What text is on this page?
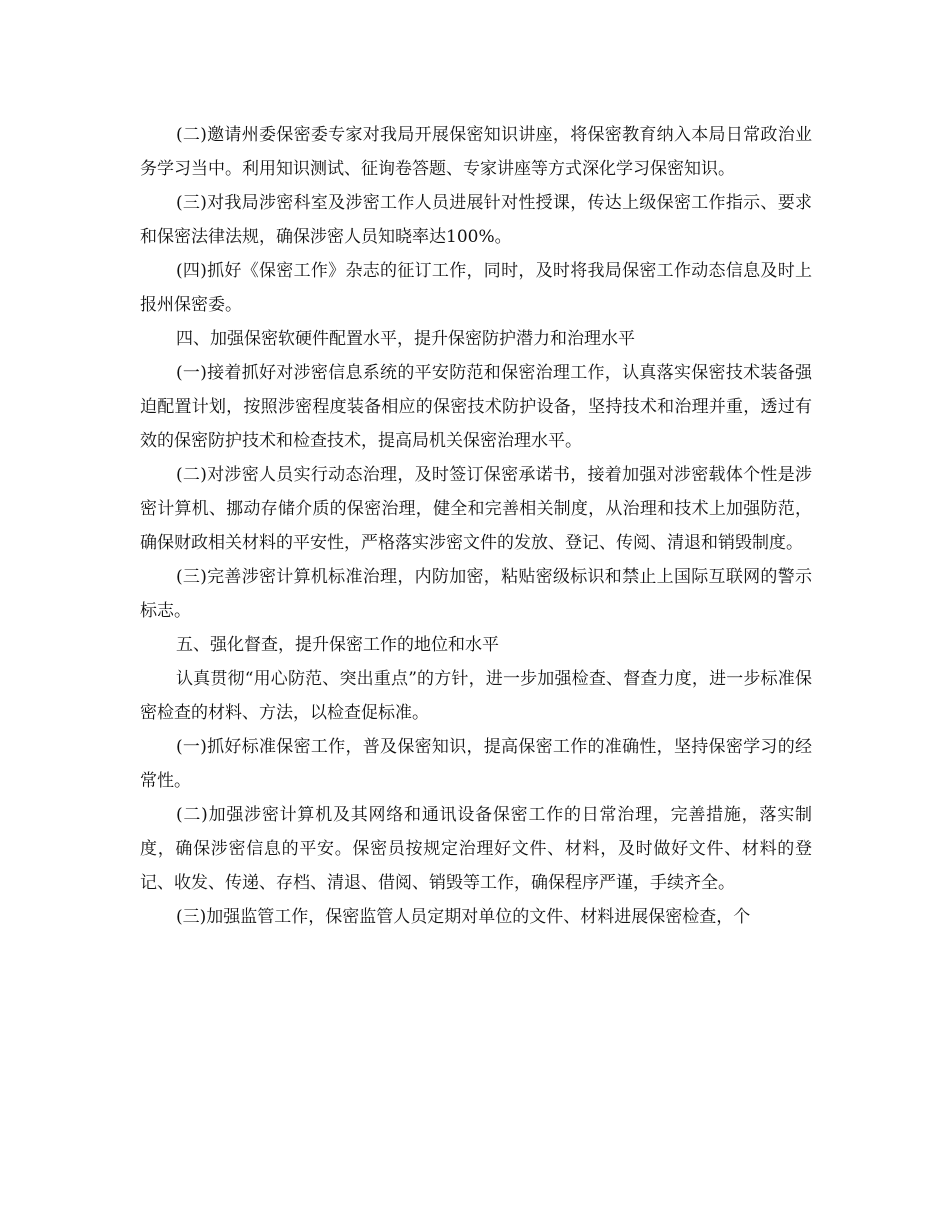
(二)邀请州委保密委专家对我局开展保密知识讲座，将保密教育纳入本局日常政治业务学习当中。利用知识测试、征询卷答题、专家讲座等方式深化学习保密知识。

(三)对我局涉密科室及涉密工作人员进展针对性授课，传达上级保密工作指示、要求和保密法律法规，确保涉密人员知晓率达100%。

(四)抓好《保密工作》杂志的征订工作，同时，及时将我局保密工作动态信息及时上报州保密委。

四、加强保密软硬件配置水平，提升保密防护潜力和治理水平

(一)接着抓好对涉密信息系统的平安防范和保密治理工作，认真落实保密技术装备强迫配置计划，按照涉密程度装备相应的保密技术防护设备，坚持技术和治理并重，透过有效的保密防护技术和检查技术，提高局机关保密治理水平。

(二)对涉密人员实行动态治理，及时签订保密承诺书，接着加强对涉密载体个性是涉密计算机、挪动存储介质的保密治理，健全和完善相关制度，从治理和技术上加强防范，确保财政相关材料的平安性，严格落实涉密文件的发放、登记、传阅、清退和销毁制度。

(三)完善涉密计算机标准治理，内防加密，粘贴密级标识和禁止上国际互联网的警示标志。

五、强化督查，提升保密工作的地位和水平

认真贯彻“用心防范、突出重点”的方针，进一步加强检查、督查力度，进一步标准保密检查的材料、方法，以检查促标准。

(一)抓好标准保密工作，普及保密知识，提高保密工作的准确性，坚持保密学习的经常性。

(二)加强涉密计算机及其网络和通讯设备保密工作的日常治理，完善措施，落实制度，确保涉密信息的平安。保密员按规定治理好文件、材料，及时做好文件、材料的登记、收发、传递、存档、清退、借阅、销毁等工作，确保程序严谨，手续齐全。

(三)加强监管工作，保密监管人员定期对单位的文件、材料进展保密检查，个
